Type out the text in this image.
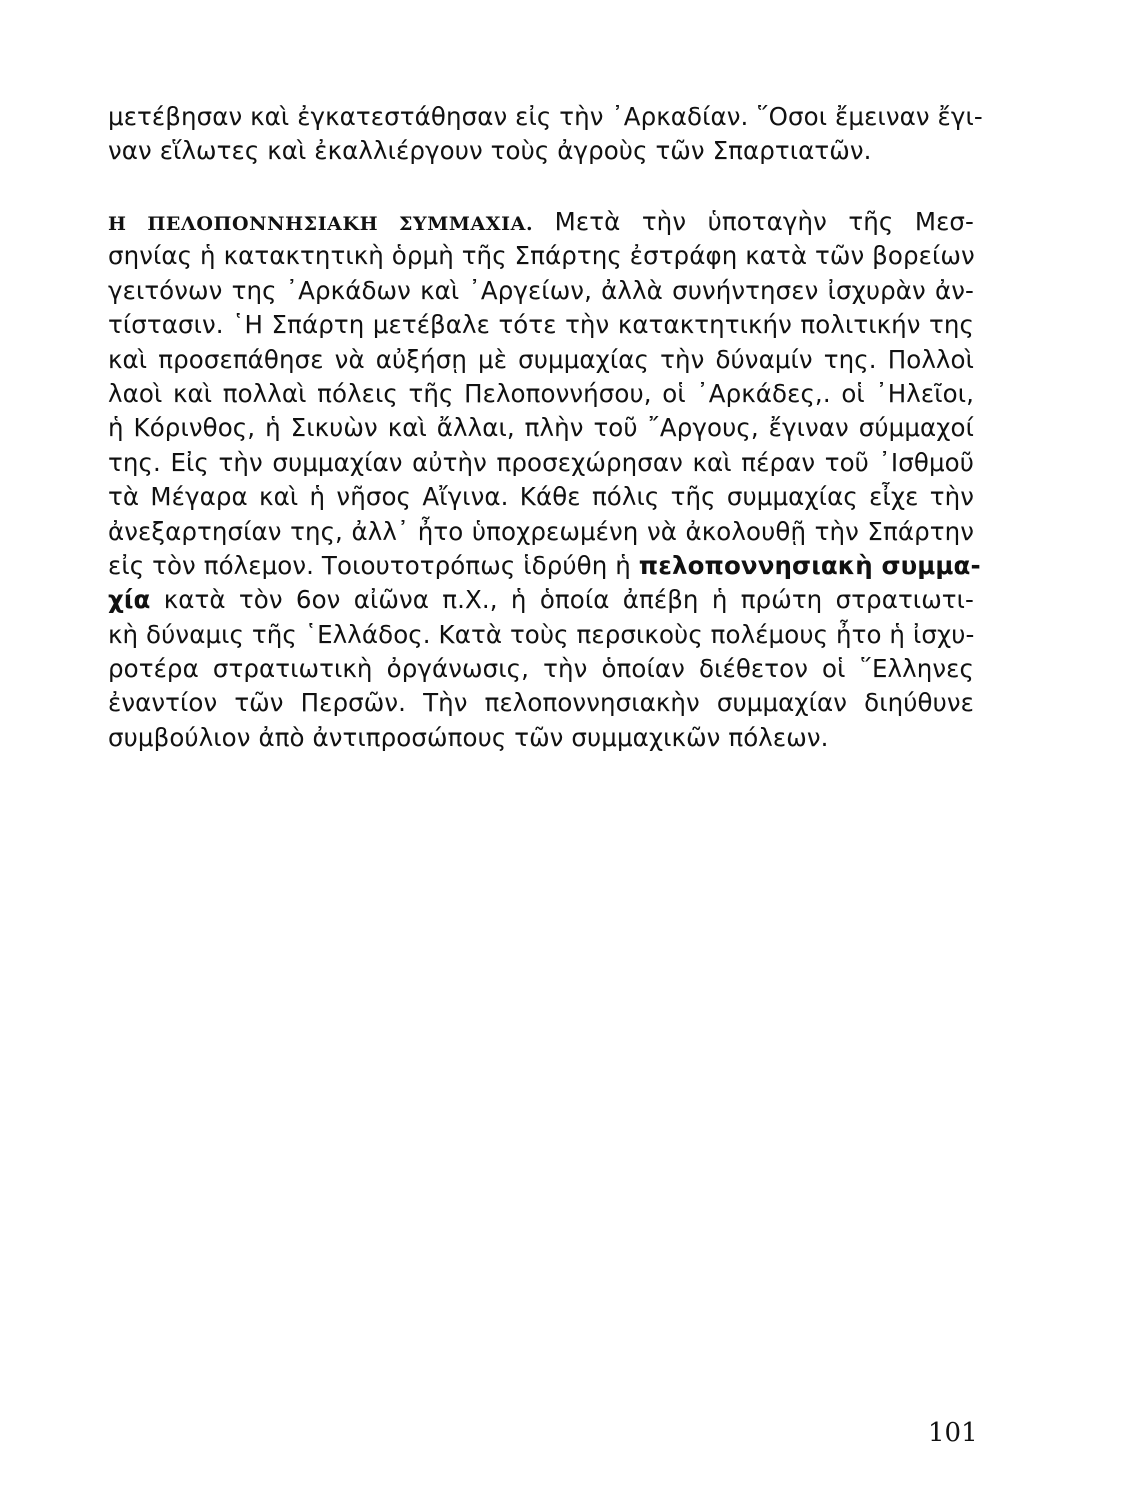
μετέβησαν καὶ ἐγκατεστάθησαν εἰς τὴν ᾿Αρκαδίαν. ῞Οσοι ἔμειναν ἔγι-
ναν εἵλωτες καὶ ἐκαλλιέργουν τοὺς ἀγροὺς τῶν Σπαρτιατῶν.
Η ΠΕΛΟΠΟΝΝΗΣΙΑΚΗ ΣΥΜΜΑΧΙΑ. Μετὰ τὴν ὑποταγὴν τῆς Μεσ-
σηνίας ἡ κατακτητικὴ ὁρμὴ τῆς Σπάρτης ἐστράφη κατὰ τῶν βορείων
γειτόνων της ᾿Αρκάδων καὶ ᾿Αργείων, ἀλλὰ συνήντησεν ἰσχυρὰν ἀν-
τίστασιν. ῾Η Σπάρτη μετέβαλε τότε τὴν κατακτητικήν πολιτικήν της
καὶ προσεπάθησε νὰ αὐξήσῃ μὲ συμμαχίας τὴν δύναμίν της. Πολλοὶ
λαοὶ καὶ πολλαὶ πόλεις τῆς Πελοποννήσου, οἱ ᾿Αρκάδες,. οἱ ᾿Ηλεῖοι,
ἡ Κόρινθος, ἡ Σικυὼν καὶ ἄλλαι, πλὴν τοῦ ῎Αργους, ἔγιναν σύμμαχοί
της. Εἰς τὴν συμμαχίαν αὐτὴν προσεχώρησαν καὶ πέραν τοῦ ᾿Ισθμοῦ
τὰ Μέγαρα καὶ ἡ νῆσος Αἴγινα. Κάθε πόλις τῆς συμμαχίας εἶχε τὴν
ἀνεξαρτησίαν της, ἀλλ᾿ ἦτο ὑποχρεωμένη νὰ ἀκολουθῇ τὴν Σπάρτην
εἰς τὸν πόλεμον. Τοιουτοτρόπως ἱδρύθη ἡ πελοποννησιακὴ συμμα-
χία κατὰ τὸν 6ον αἰῶνα π.Χ., ἡ ὁποία ἀπέβη ἡ πρώτη στρατιωτι-
κὴ δύναμις τῆς ῾Ελλάδος. Κατὰ τοὺς περσικοὺς πολέμους ἦτο ἡ ἰσχυ-
ροτέρα στρατιωτικὴ ὀργάνωσις, τὴν ὁποίαν διέθετον οἱ ῞Ελληνες
ἐναντίον τῶν Περσῶν. Τὴν πελοποννησιακὴν συμμαχίαν διηύθυνε
συμβούλιον ἀπὸ ἀντιπροσώπους τῶν συμμαχικῶν πόλεων.
101
